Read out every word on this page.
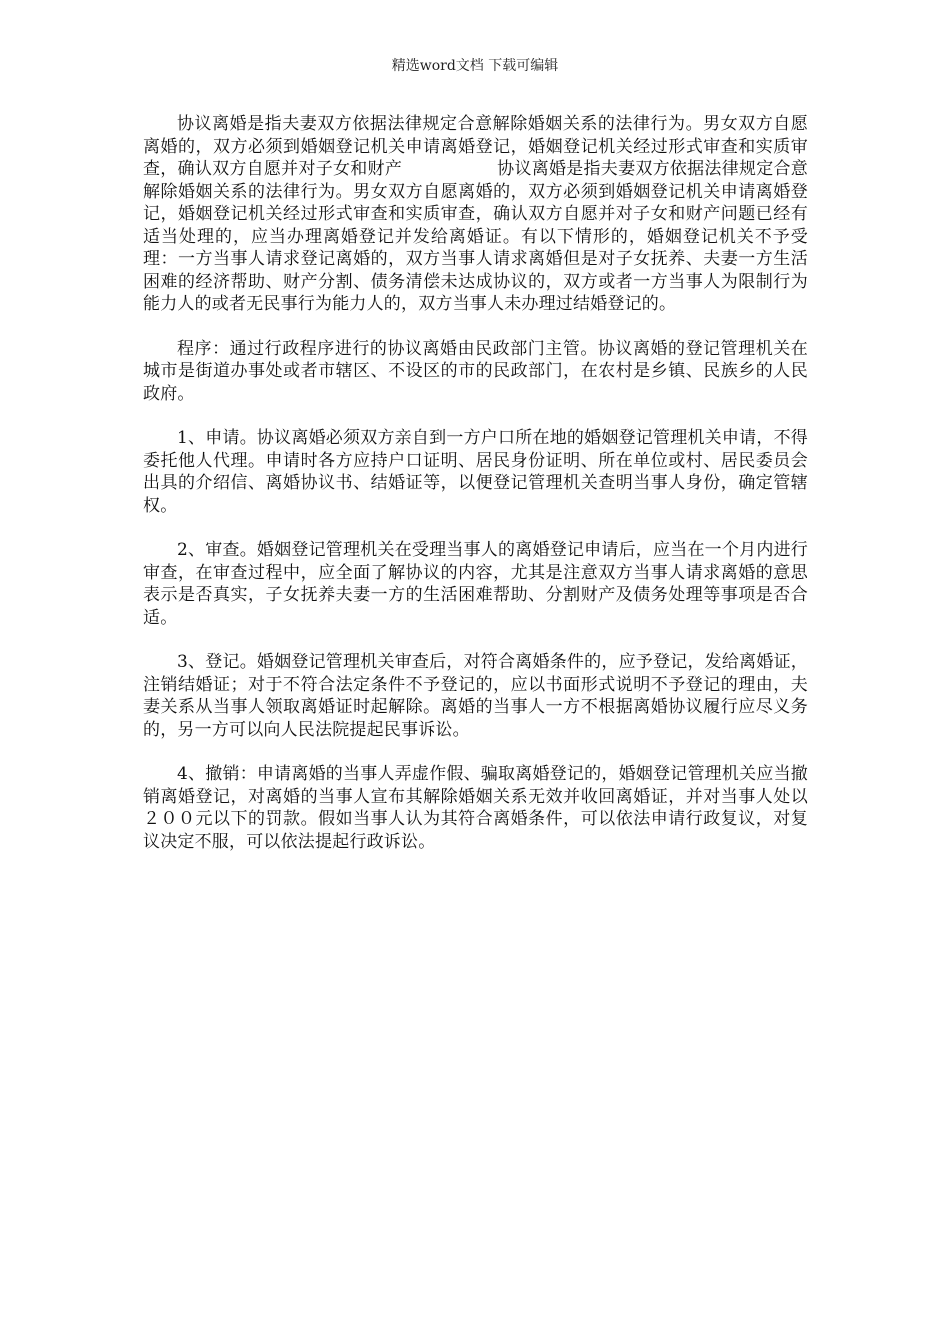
精选word文档 下载可编辑

协议离婚是指夫妻双方依据法律规定合意解除婚姻关系的法律行为。男女双方自愿离婚的，双方必须到婚姻登记机关申请离婚登记，婚姻登记机关经过形式审查和实质审查，确认双方自愿并对子女和财产	协议离婚是指夫妻双方依据法律规定合意解除婚姻关系的法律行为。男女双方自愿离婚的，双方必须到婚姻登记机关申请离婚登记，婚姻登记机关经过形式审查和实质审查，确认双方自愿并对子女和财产问题已经有适当处理的，应当办理离婚登记并发给离婚证。有以下情形的，婚姻登记机关不予受理：一方当事人请求登记离婚的，双方当事人请求离婚但是对子女抚养、夫妻一方生活困难的经济帮助、财产分割、债务清偿未达成协议的，双方或者一方当事人为限制行为能力人的或者无民事行为能力人的，双方当事人未办理过结婚登记的。

程序：通过行政程序进行的协议离婚由民政部门主管。协议离婚的登记管理机关在城市是街道办事处或者市辖区、不设区的市的民政部门，在农村是乡镇、民族乡的人民政府。

1、申请。协议离婚必须双方亲自到一方户口所在地的婚姻登记管理机关申请，不得委托他人代理。申请时各方应持户口证明、居民身份证明、所在单位或村、居民委员会出具的介绍信、离婚协议书、结婚证等，以便登记管理机关查明当事人身份，确定管辖权。

2、审查。婚姻登记管理机关在受理当事人的离婚登记申请后，应当在一个月内进行审查，在审查过程中，应全面了解协议的内容，尤其是注意双方当事人请求离婚的意思表示是否真实，子女抚养夫妻一方的生活困难帮助、分割财产及债务处理等事项是否合适。

3、登记。婚姻登记管理机关审查后，对符合离婚条件的，应予登记，发给离婚证，注销结婚证；对于不符合法定条件不予登记的，应以书面形式说明不予登记的理由，夫妻关系从当事人领取离婚证时起解除。离婚的当事人一方不根据离婚协议履行应尽义务的，另一方可以向人民法院提起民事诉讼。

4、撤销：申请离婚的当事人弄虚作假、骗取离婚登记的，婚姻登记管理机关应当撤销离婚登记，对离婚的当事人宣布其解除婚姻关系无效并收回离婚证，并对当事人处以２００元以下的罚款。假如当事人认为其符合离婚条件，可以依法申请行政复议，对复议决定不服，可以依法提起行政诉讼。
